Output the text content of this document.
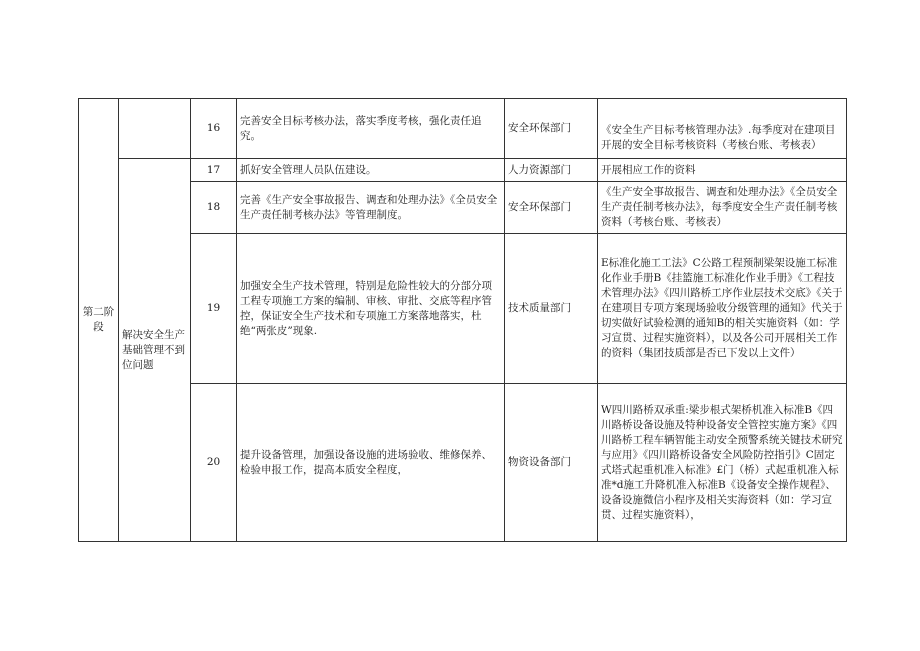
第二阶段		16	完善安全目标考核办法，落实季度考核，强化责任追究。	安全环保部门	《安全生产目标考核管理办法》.每季度对在建项目开展的安全目标考核资料（考核台账、考核表）
	解决安全生产基础管理不到位问题	17	抓好安全管理人员队伍建设。	人力资源部门	开展相应工作的资料
		18	完善《生产安全事故报告、调查和处理办法》《全员安全生产责任制考核办法》等管理制度。	安全环保部门	《生产安全事故报告、调查和处理办法》《全员安全生产责任制考核办法》，每季度安全生产责任制考核资料（考核台账、考核表）
		19	加强安全生产技术管理，特别是危险性较大的分部分项工程专项施工方案的编制、审核、审批、交底等程序管控，保证安全生产技术和专项施工方案落地落实，杜绝“两张皮”现象.	技术质量部门	E标准化施工工法》C公路工程预制梁架设施工标准化作业手册B《挂篮施工标准化作业手册》《工程技术管理办法》《四川路桥工序作业层技术交底》《关于在建项目专项方案现场验收分级管理的通知》代关于切实做好试验检测的通知B的相关实施资料（如：学习宣贯、过程实施资料），以及各公司开展相关工作的资料（集团技质部是否已下发以上文件）
		20	提升设备管理，加强设备设施的进场验收、维修保养、检验申报工作，提高本质安全程度，	物资设备部门	W四川路桥双承重:梁步根式架桥机准入标准B《四川路桥设备设施及特种设备安全管控实施方案》《四川路桥工程车辆智能主动安全预警系统关键技术研究与应用》《四川路桥设备安全风险防控指引》C固定式塔式起重机准入标准》£门（桥）式起重机准入标准*d施工升降机准入标准B《设备安全操作规程》、设备设施微信小程序及相关实海资料（如：学习宣贯、过程实施资料），
